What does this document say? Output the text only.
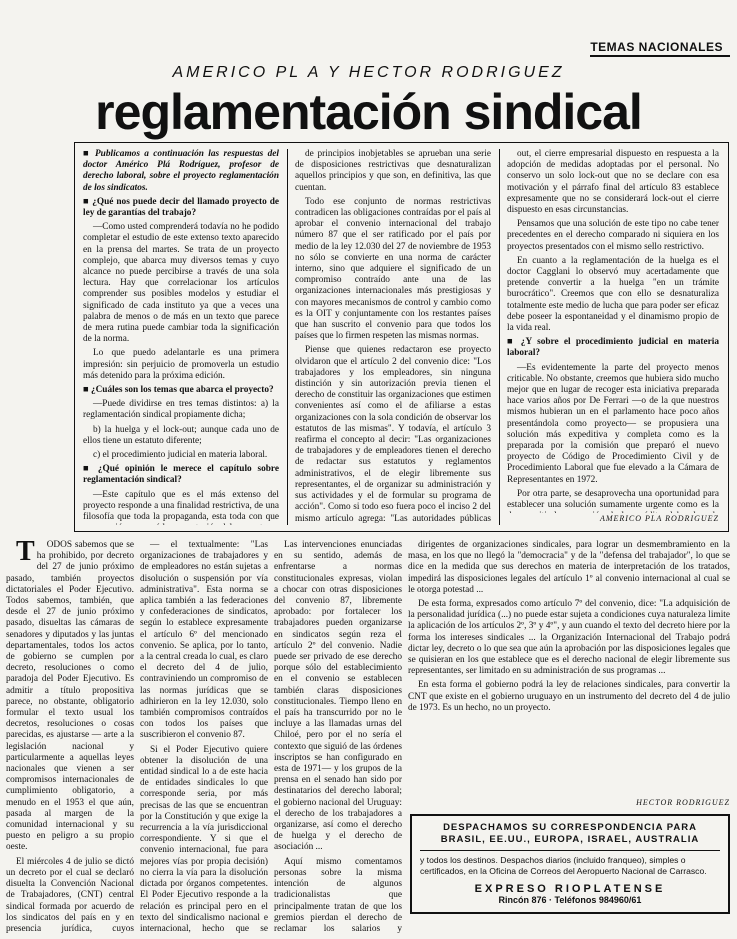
TEMAS NACIONALES
AMERICO PL A Y HECTOR RODRIGUEZ
reglamentación sindical

■ Publicamos a continuación las respuestas del doctor Américo Plá Rodríguez, profesor de derecho laboral, sobre el proyecto reglamentación de los sindicatos.

■ ¿Qué nos puede decir del llamado proyecto de ley de garantías del trabajo?

—Como usted comprenderá todavía no he podido completar el estudio de este extenso texto aparecido en la prensa del martes. Se trata de un proyecto complejo, que abarca muy diversos temas y cuyo alcance no puede percibirse a través de una sola lectura. Hay que correlacionar los artículos comprender sus posibles modelos y estudiar el significado de cada instituto ya que a veces una palabra de menos o de más en un texto que parece de mera rutina puede cambiar toda la significación de la norma.

Lo que puedo adelantarle es una primera impresión: sin perjuicio de promoverla un estudio más detenido para la próxima edición.

■ ¿Cuáles son los temas que abarca el proyecto?

—Puede dividirse en tres temas distintos: a) la reglamentación sindical propiamente dicha;

b) la huelga y el lock-out; aunque cada uno de ellos tiene un estatuto diferente;

c) el procedimiento judicial en materia laboral.

■ ¿Qué opinión le merece el capítulo sobre reglamentación sindical?

—Este capítulo que es el más extenso del proyecto responde a una finalidad restrictiva, de una filosofía que toda la propaganda, esta toda con que

de principios inobjetables se aprueban una serie de disposiciones restrictivas que desnaturalizan aquellos principios y que son, en definitiva, las que cuentan.

Todo ese conjunto de normas restrictivas contradicen las obligaciones contraídas por el país al aprobar el convenio internacional del trabajo número 87 que el ser ratificado por el país por medio de la ley 12.030 del 27 de noviembre de 1953 no sólo se convierte en una norma de carácter interno, sino que adquiere el significado de un compromiso contraído ante una de las organizaciones internacionales más prestigiosas y con mayores mecanismos de control y cambio como es la OIT y conjuntamente con los restantes países que han suscrito el convenio para que todos los países que lo firmen respeten las mismas normas.

Piense que quienes redactaron ese proyecto olvidaron que el artículo 2 del convenio dice: "Los trabajadores y los empleadores, sin ninguna distinción y sin autorización previa tienen el derecho de constituir las organizaciones que estimen convenientes así como el de afiliarse a estas organizaciones con la sola condición de observar los estatutos de las mismas". Y todavía, el artículo 3 reafirma el concepto al decir: "Las organizaciones de trabajadores y de empleadores tienen el derecho de redactar sus estatutos y reglamentos administrativos, el de elegir libremente sus representantes, el de organizar su administración y sus actividades y el de formular su programa de acción". Como si todo eso fuera poco el inciso 2 del mismo artículo agrega: "Las autoridades públicas

out, el cierre empresarial dispuesto en respuesta a la adopción de medidas adoptadas por el personal. No conservo un solo lock-out que no se declare con esa motivación y el párrafo final del artículo 83 establece expresamente que no se considerará lock-out el cierre dispuesto en esas circunstancias.

Pensamos que una solución de este tipo no cabe tener precedentes en el derecho comparado ni siquiera en los proyectos presentados con el mismo sello restrictivo.

En cuanto a la reglamentación de la huelga es el doctor Cagglani lo observó muy acertadamente que pretende convertir a la huelga "en un trámite burocrático". Creemos que con ello se desnaturaliza totalmente este medio de lucha que para poder ser eficaz debe poseer la espontaneidad y el dinamismo propio de la vida real.

■ ¿Y sobre el procedimiento judicial en materia laboral?

—Es evidentemente la parte del proyecto menos criticable. No obstante, creemos que hubiera sido mucho mejor que en lugar de recoger esta iniciativa preparada hace varios años por De Ferrari —o de la que nuestros mismos hubieran un en el parlamento hace poco años presentándola como proyecto— se propusiera una solución más expeditiva y completa como es la preparada por la comisión que preparó el nuevo proyecto de Código de Procedimiento Civil y de Procedimiento Laboral que fue elevado a la Cámara de Representantes en 1972.

Por otra parte, se desaprovecha una oportunidad para establecer una solución sumamente urgente como es la

AMERICO PLA RODRIGUEZ

T ODOS sabemos que se ha prohibido, por decreto del 27 de junio próximo pasado, también proyectos dictatoriales el Poder Ejecutivo. Todos sabemos, también, que desde el 27 de junio próximo pasado, disueltas las cámaras de senadores y diputados y las juntas departamentales, todos los actos de gobierno se cumplen por decreto, resoluciones o como paradoja del Poder Ejecutivo. Es admitir a título propositiva parece, no obstante, obligatorio formular el texto usual los decretos, resoluciones o cosas parecidas, es ajustarse — arte a la legislación nacional y particularmente a aquellas leyes nacionales que vienen a ser compromisos internacionales de cumplimiento obligatorio, a menudo en el 1953 el que aún, pasada al margen de la comunidad internacional y su puesto en peligro a su propio oeste.

El miércoles 4 de julio se dictó un decreto por el cual se declaró disuelta la Convención Nacional de Trabajadores, (CNT) central sindical formada por acuerdo de los sindicatos del país en y en presencia jurídica, cuyos

— el textualmente: "Las organizaciones de trabajadores y de empleadores no están sujetas a disolución o suspensión por vía administrativa". Esta norma se aplica también a las federaciones y confederaciones de sindicatos, según lo establece expresamente el artículo 6º del mencionado convenio. Se aplica, por lo tanto, a la central creada lo cual, es claro el decreto del 4 de julio, contraviniendo un compromiso de las normas jurídicas que se adhirieron en la ley 12.030, solo también compromisos contraídos con todos los países que suscribieron el convenio 87.

Si el Poder Ejecutivo quiere obtener la disolución de una entidad sindical lo a de este hacia de entidades sindicales lo que corresponde seria, por más precisas de las que se encuentran por la Constitución y que exige la recurrencia a la vía jurisdiccional correspondiente. Y si que el convenio internacional, fue para mejores vías por propia decisión) no cierra la vía para la disolución dictada por órganos competentes. El Poder Ejecutivo responde a la relación es principal pero en el texto del sindicalismo nacional e internacional, hecho que se

Las intervenciones enunciadas en su sentido, además de enfrentarse a normas constitucionales expresas, violan a chocar con otras disposiciones del convenio 87, libremente aprobado: por fortalecer los trabajadores pueden organizarse en sindicatos según reza el artículo 2º del convenio. Nadie puede ser privado de ese derecho porque sólo del establecimiento en el convenio se establecen también claras disposiciones constitucionales. Tiempo lleno en el país ha transcurrido por no le incluye a las llamadas urnas del Chiloé, pero por el no sería el contexto que siguió de las órdenes inscriptos se han configurado en esta de 1971— y los grupos de la prensa en el senado han sido por destinatarios del derecho laboral; el gobierno nacional del Uruguay: el derecho de los trabajadores a organizarse, así como el derecho de huelga y el derecho de asociación ...

Aquí mismo comentamos personas sobre la misma intención de algunos tradicionalistas que principalmente tratan de que los gremios pierdan el derecho de reclamar los salarios y

dirigentes de organizaciones sindicales, para lograr un desmembramiento en la masa, en los que no llegó la "democracia" y de la "defensa del trabajador", lo que se dice en la medida que sus derechos en materia de interpretación de los tratados, impedirá las disposiciones legales del artículo 1º al convenio internacional al cual se le otorga potestad ...

De esta forma, expresados como artículo 7º del convenio, dice: "La adquisición de la personalidad jurídica (...) no puede estar sujeta a condiciones cuya naturaleza limite la aplicación de los artículos 2º, 3º y 4º", y aun cuando el texto del decreto hiere por la forma los intereses sindicales ... la Organización Internacional del Trabajo podrá dictar ley, decreto o lo que sea que aún la aprobación por las disposiciones legales que se quisieran en los que establece que es el derecho nacional de elegir libremente sus representantes, ser limitado en su administración de sus programas ...

En esta forma el gobierno podrá la ley de relaciones sindicales, para convertir la CNT que existe en el gobierno uruguayo en un instrumento del decreto del 4 de julio de 1973. Es un hecho, no un proyecto.

HECTOR RODRIGUEZ
DESPACHAMOS SU CORRESPONDENCIA PARA BRASIL, EE.UU., EUROPA, ISRAEL, AUSTRALIA
y todos los destinos. Despachos diarios (incluido franqueo), simples o certificados, en la Oficina de Correos del Aeropuerto Nacional de Carrasco.
EXPRESO RIOPLATENSE
Rincón 876 · Teléfonos 984960/61
